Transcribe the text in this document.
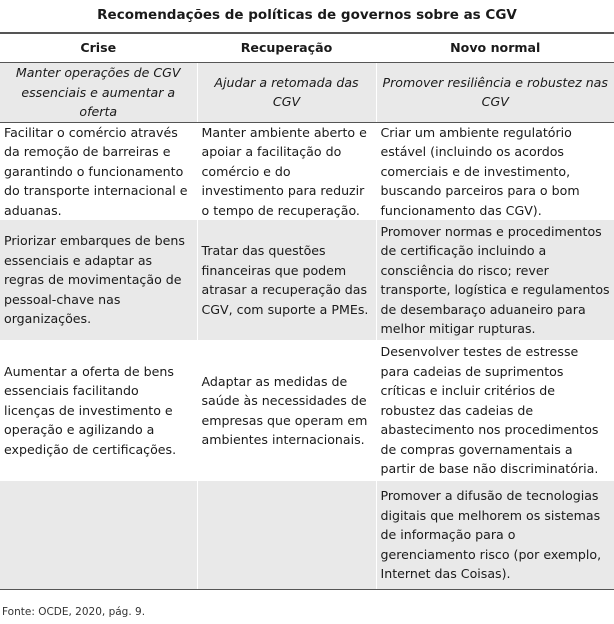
Recomendações de políticas de governos sobre as CGV
Crise	Recuperação	Novo normal
Manter operações de CGV essenciais e aumentar a oferta	Ajudar a retomada das CGV	Promover resiliência e robustez nas CGV
Facilitar o comércio através da remoção de barreiras e garantindo o funcionamento do transporte internacional e aduanas.	Manter ambiente aberto e apoiar a facilitação do comércio e do investimento para reduzir o tempo de recuperação.	Criar um ambiente regulatório estável (incluindo os acordos comerciais e de investimento, buscando parceiros para o bom funcionamento das CGV).
Priorizar embarques de bens essenciais e adaptar as regras de movimentação de pessoal-chave nas organizações.	Tratar das questões financeiras que podem atrasar a recuperação das CGV, com suporte a PMEs.	Promover normas e procedimentos de certificação incluindo a consciência do risco; rever transporte, logística e regulamentos de desembaraço aduaneiro para melhor mitigar rupturas.
Aumentar a oferta de bens essenciais facilitando licenças de investimento e operação e agilizando a expedição de certificações.	Adaptar as medidas de saúde às necessidades de empresas que operam em ambientes internacionais.	Desenvolver testes de estresse para cadeias de suprimentos críticas e incluir critérios de robustez das cadeias de abastecimento nos procedimentos de compras governamentais a partir de base não discriminatória.
		Promover a difusão de tecnologias digitais que melhorem os sistemas de informação para o gerenciamento risco (por exemplo, Internet das Coisas).
Fonte: OCDE, 2020, pág. 9.
